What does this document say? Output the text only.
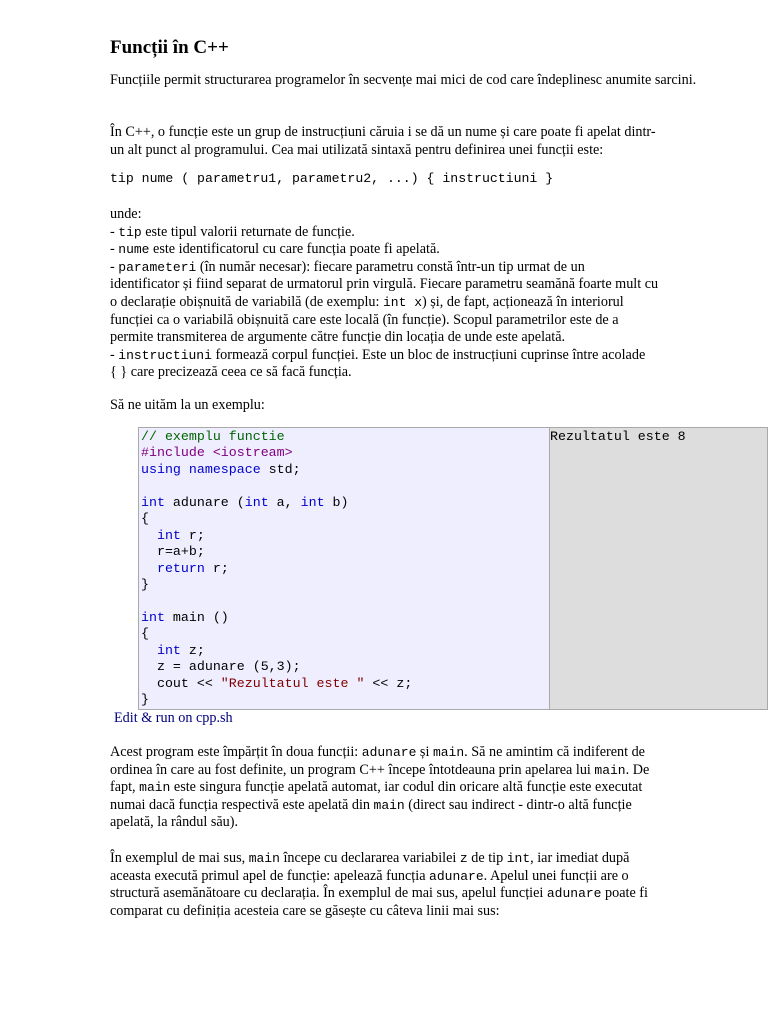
Funcții în C++
Funcțiile permit structurarea programelor în secvențe mai mici de cod care îndeplinesc anumite sarcini.
În C++, o funcție este un grup de instrucțiuni căruia i se dă un nume și care poate fi apelat dintr-
un alt punct al programului. Cea mai utilizată sintaxă pentru definirea unei funcții este:
tip nume ( parametru1, parametru2, ...) { instructiuni }
unde:
- tip este tipul valorii returnate de funcție.
- nume este identificatorul cu care funcția poate fi apelată.
- parameteri (în număr necesar): fiecare parametru constă într-un tip urmat de un
identificator și fiind separat de urmatorul prin virgulă. Fiecare parametru seamănă foarte mult cu
o declarație obișnuită de variabilă (de exemplu: int x) și, de fapt, acționează în interiorul
funcției ca o variabilă obișnuită care este locală (în funcție). Scopul parametrilor este de a
permite transmiterea de argumente către funcție din locația de unde este apelată.
- instructiuni formează corpul funcției. Este un bloc de instrucțiuni cuprinse între acolade
{ } care precizează ceea ce să facă funcția.
Să ne uităm la un exemplu:
// exemplu functie
#include <iostream>
using namespace std;
int adunare (int a, int b)
{
int r;
r=a+b;
return r;
}
int main ()
{
int z;
z = adunare (5,3);
cout << "Rezultatul este " << z;
}
Rezultatul este 8
Edit & run on cpp.sh
Acest program este împărțit în doua funcții: adunare și main. Să ne amintim că indiferent de
ordinea în care au fost definite, un program C++ începe întotdeauna prin apelarea lui main. De
fapt, main este singura funcție apelată automat, iar codul din oricare altă funcție este executat
numai dacă funcția respectivă este apelată din main (direct sau indirect - dintr-o altă funcție
apelată, la rândul său).
În exemplul de mai sus, main începe cu declararea variabilei z de tip int, iar imediat după
aceasta execută primul apel de funcție: apelează funcția adunare. Apelul unei funcții are o
structură asemănătoare cu declarația. În exemplul de mai sus, apelul funcției adunare poate fi
comparat cu definiția acesteia care se găsește cu câteva linii mai sus:
